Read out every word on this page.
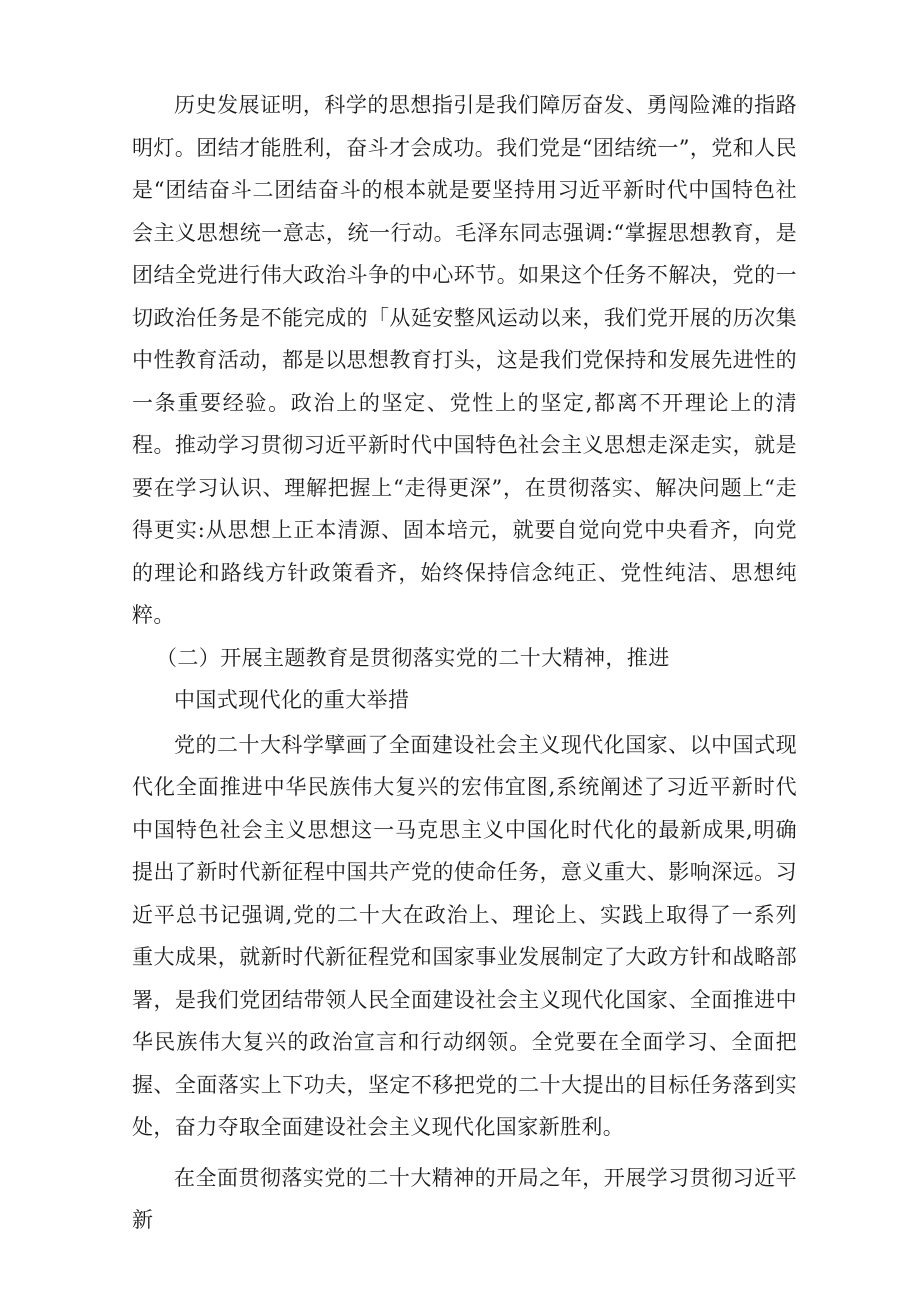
历史发展证明，科学的思想指引是我们障厉奋发、勇闯险滩的指路明灯。团结才能胜利，奋斗才会成功。我们党是“团结统一”，党和人民是“团结奋斗二团结奋斗的根本就是要坚持用习近平新时代中国特色社会主义思想统一意志，统一行动。毛泽东同志强调:“掌握思想教育，是团结全党进行伟大政治斗争的中心环节。如果这个任务不解决，党的一切政治任务是不能完成的「从延安整风运动以来，我们党开展的历次集中性教育活动，都是以思想教育打头，这是我们党保持和发展先进性的一条重要经验。政治上的坚定、党性上的坚定,都离不开理论上的清程。推动学习贯彻习近平新时代中国特色社会主义思想走深走实，就是要在学习认识、理解把握上“走得更深”，在贯彻落实、解决问题上“走得更实:从思想上正本清源、固本培元，就要自觉向党中央看齐，向党的理论和路线方针政策看齐，始终保持信念纯正、党性纯洁、思想纯粹。

（二）开展主题教育是贯彻落实党的二十大精神，推进

中国式现代化的重大举措

党的二十大科学擘画了全面建设社会主义现代化国家、以中国式现代化全面推进中华民族伟大复兴的宏伟宜图,系统阐述了习近平新时代中国特色社会主义思想这一马克思主义中国化时代化的最新成果,明确提出了新时代新征程中国共产党的使命任务，意义重大、影响深远。习近平总书记强调,党的二十大在政治上、理论上、实践上取得了一系列重大成果，就新时代新征程党和国家事业发展制定了大政方针和战略部署，是我们党团结带领人民全面建设社会主义现代化国家、全面推进中华民族伟大复兴的政治宣言和行动纲领。全党要在全面学习、全面把握、全面落实上下功夫，坚定不移把党的二十大提出的目标任务落到实处，奋力夺取全面建设社会主义现代化国家新胜利。

在全面贯彻落实党的二十大精神的开局之年，开展学习贯彻习近平新
